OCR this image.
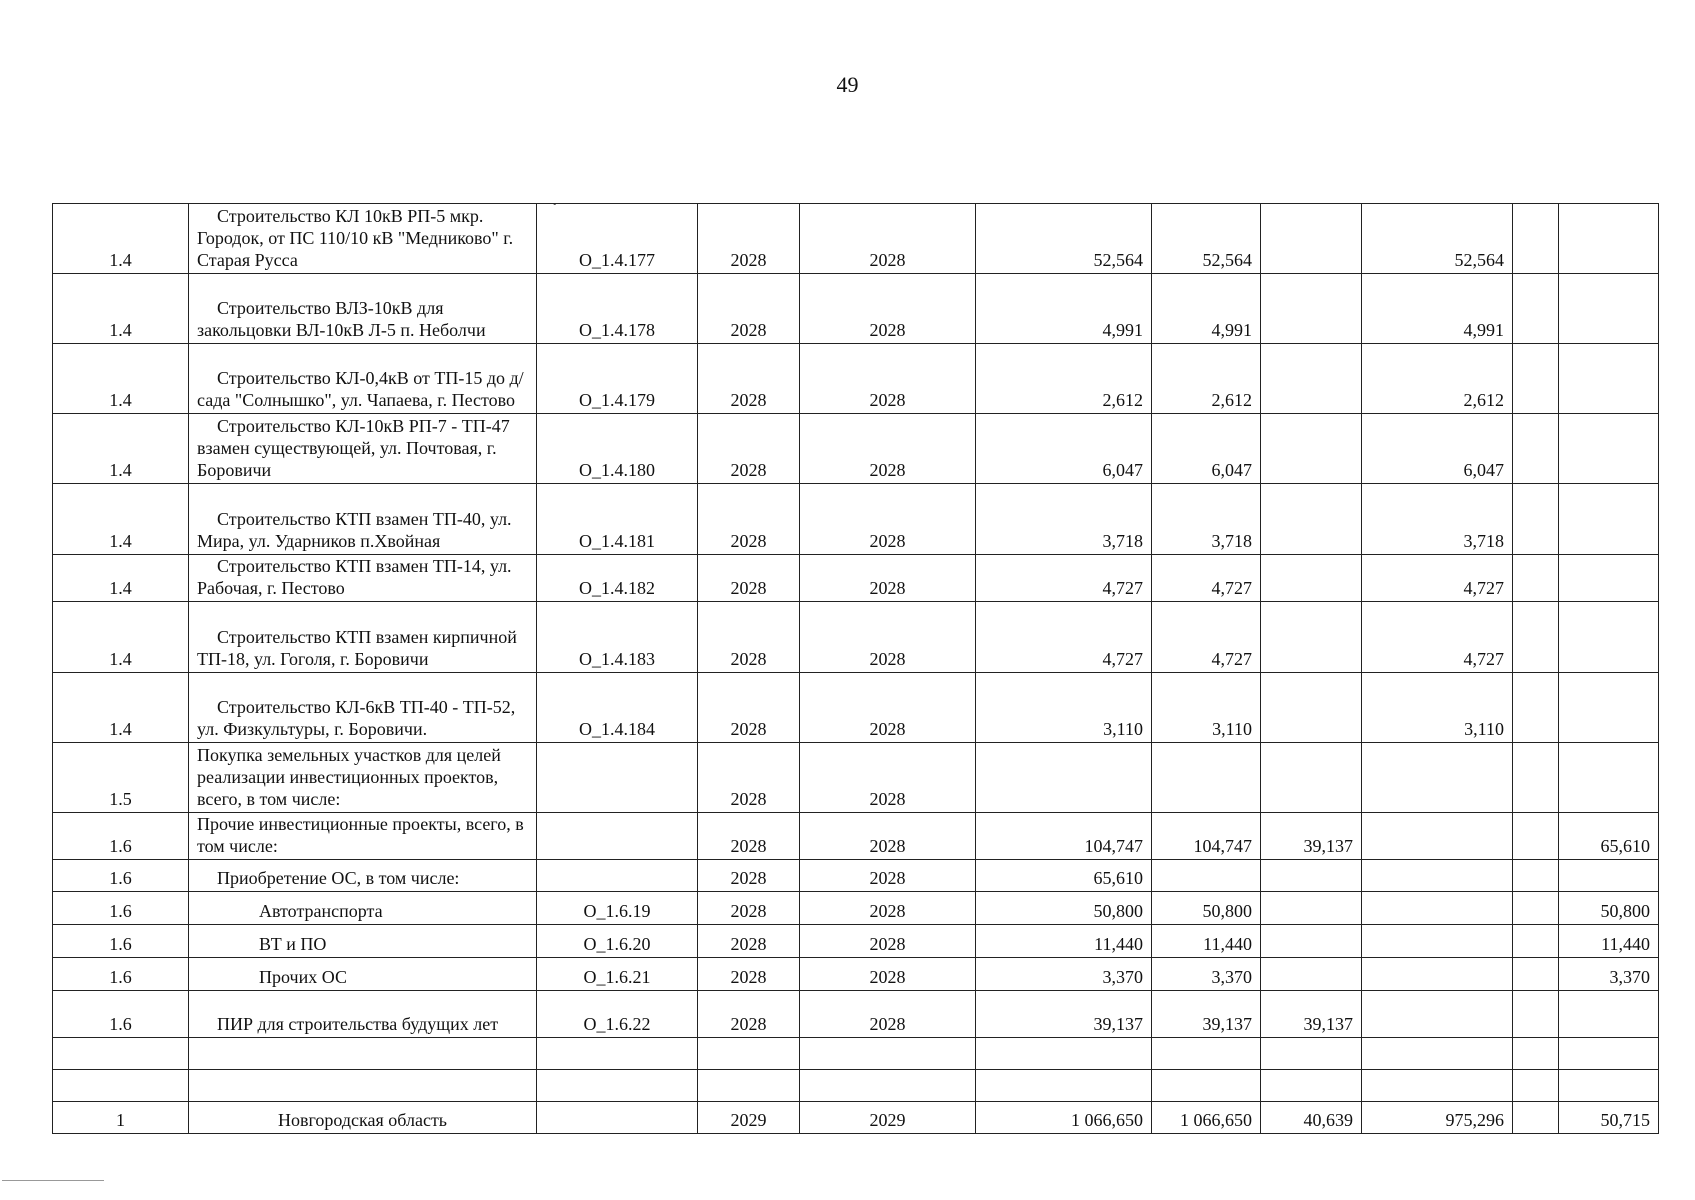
49
ˇ
1.4	Строительство КЛ 10кВ РП-5 мкр. Городок, от ПС 110/10 кВ "Медниково" г. Старая Русса	О_1.4.177	2028	2028	52,564	52,564		52,564		
1.4	Строительство ВЛЗ-10кВ для закольцовки ВЛ-10кВ Л-5 п. Неболчи	О_1.4.178	2028	2028	4,991	4,991		4,991		
1.4	Строительство КЛ-0,4кВ от ТП-15 до д/сада "Солнышко", ул. Чапаева, г. Пестово	О_1.4.179	2028	2028	2,612	2,612		2,612		
1.4	Строительство КЛ-10кВ РП-7 - ТП-47 взамен существующей, ул. Почтовая, г. Боровичи	О_1.4.180	2028	2028	6,047	6,047		6,047		
1.4	Строительство КТП взамен ТП-40, ул. Мира, ул. Ударников п.Хвойная	О_1.4.181	2028	2028	3,718	3,718		3,718		
1.4	Строительство КТП взамен ТП-14, ул. Рабочая, г. Пестово	О_1.4.182	2028	2028	4,727	4,727		4,727		
1.4	Строительство КТП взамен кирпичной ТП-18, ул. Гоголя, г. Боровичи	О_1.4.183	2028	2028	4,727	4,727		4,727		
1.4	Строительство КЛ-6кВ ТП-40 - ТП-52, ул. Физкультуры, г. Боровичи.	О_1.4.184	2028	2028	3,110	3,110		3,110		
1.5	Покупка земельных участков для целей реализации инвестиционных проектов, всего, в том числе:		2028	2028						
1.6	Прочие инвестиционные проекты, всего, в том числе:		2028	2028	104,747	104,747	39,137			65,610
1.6	Приобретение ОС, в том числе:		2028	2028	65,610					
1.6	Автотранспорта	О_1.6.19	2028	2028	50,800	50,800				50,800
1.6	ВТ и ПО	О_1.6.20	2028	2028	11,440	11,440				11,440
1.6	Прочих ОС	О_1.6.21	2028	2028	3,370	3,370				3,370
1.6	ПИР для строительства будущих лет	О_1.6.22	2028	2028	39,137	39,137	39,137			

1	Новгородская область		2029	2029	1 066,650	1 066,650	40,639	975,296		50,715
